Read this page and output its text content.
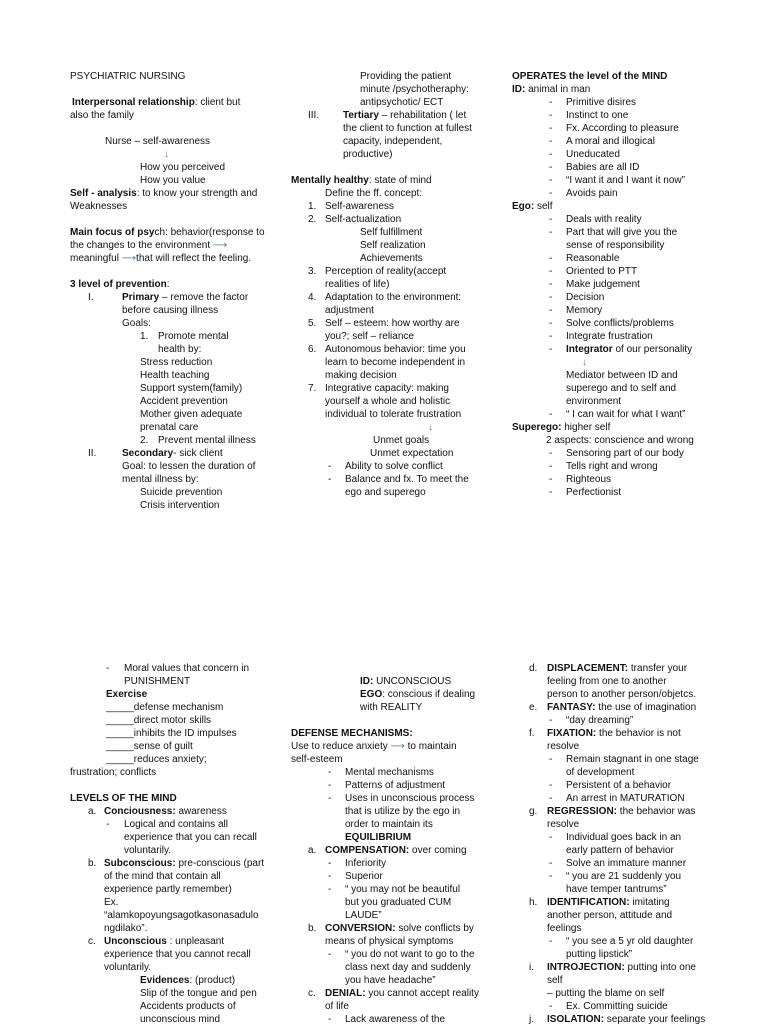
PSYCHIATRIC NURSING
Interpersonal relationship: client but
also the family
Nurse – self-awareness
↓
How you perceived
How you value
Self - analysis: to know your strength and
Weaknesses
Main focus of psych: behavior(response to
the changes to the environment ⟶
meaningful ⟶that will reflect the feeling.
3 level of prevention:
I.	Primary – remove the factor
before causing illness
Goals:
1. Promote mental
health by:
Stress reduction
Health teaching
Support system(family)
Accident prevention
Mother given adequate
prenatal care
2. Prevent mental illness
II.	Secondary- sick client
Goal: to lessen the duration of
mental illness by:
Suicide prevention
Crisis intervention
Providing the patient
minute /psychotheraphy:
antipsychotic/ ECT
III. Tertiary – rehabilitation ( let
the client to function at fullest
capacity, independent,
productive)
Mentally healthy: state of mind
Define the ff. concept:
1. Self-awareness
2. Self-actualization
Self fulfillment
Self realization
Achievements
3. Perception of reality(accept
realities of life)
4. Adaptation to the environment:
adjustment
5. Self – esteem: how worthy are
you?; self – reliance
6. Autonomous behavior: time you
learn to become independent in
making decision
7. Integrative capacity: making
yourself a whole and holistic
individual to tolerate frustration
↓
Unmet goals
Unmet expectation
- Ability to solve conflict
- Balance and fx. To meet the
ego and superego
OPERATES the level of the MIND
ID: animal in man
- Primitive disires
- Instinct to one
- Fx. According to pleasure
- A moral and illogical
- Uneducated
- Babies are all ID
- “I want it and I want it now”
- Avoids pain
Ego: self
- Deals with reality
- Part that will give you the
sense of responsibility
- Reasonable
- Oriented to PTT
- Make judgement
- Decision
- Memory
- Solve conflicts/problems
- Integrate frustration
- Integrator of our personality
↓
Mediator between ID and
superego and to self and
environment
- “ I can wait for what I want”
Superego: higher self
2 aspects: conscience and wrong
- Sensoring part of our body
- Tells right and wrong
- Righteous
- Perfectionist
- Moral values that concern in
PUNISHMENT
Exercise
_____defense mechanism
_____direct motor skills
_____inhibits the ID impulses
_____sense of guilt
_____reduces anxiety;
frustration; conflicts
LEVELS OF THE MIND
a. Conciousness: awareness
- Logical and contains all
experience that you can recall
voluntarily.
b. Subconscious: pre-conscious (part
of the mind that contain all
experience partly remember)
Ex.
“alamkopoyungsagotkasonasadulo
ngdilako”.
c. Unconscious : unpleasant
experience that you cannot recall
voluntarily.
Evidences: (product)
Slip of the tongue and pen
Accidents products of
unconscious mind
ID: UNCONSCIOUS
EGO: conscious if dealing
with REALITY
DEFENSE MECHANISMS:
Use to reduce anxiety ⟶ to maintain
self-esteem
- Mental mechanisms
- Patterns of adjustment
- Uses in unconscious process
that is utilize by the ego in
order to maintain its
EQUILIBRIUM
a. COMPENSATION: over coming
- Inferiority
- Superior
- “ you may not be beautiful
but you graduated CUM
LAUDE”
b. CONVERSION: solve conflicts by
means of physical symptoms
- “ you do not want to go to the
class next day and suddenly
you have headache”
c. DENIAL: you cannot accept reality
of life
- Lack awareness of the
d. DISPLACEMENT: transfer your
feeling from one to another
person to another person/objetcs.
e. FANTASY: the use of imagination
- “day dreaming”
f. FIXATION: the behavior is not
resolve
- Remain stagnant in one stage
of development
- Persistent of a behavior
- An arrest in MATURATION
g. REGRESSION: the behavior was
resolve
- Individual goes back in an
early pattern of behavior
- Solve an immature manner
- “ you are 21 suddenly you
have temper tantrums”
h. IDENTIFICATION: imitating
another person, attitude and
feelings
- “ you see a 5 yr old daughter
putting lipstick”
i. INTROJECTION: putting into one
self
– putting the blame on self
- Ex. Committing suicide
j. ISOLATION: separate your feelings
